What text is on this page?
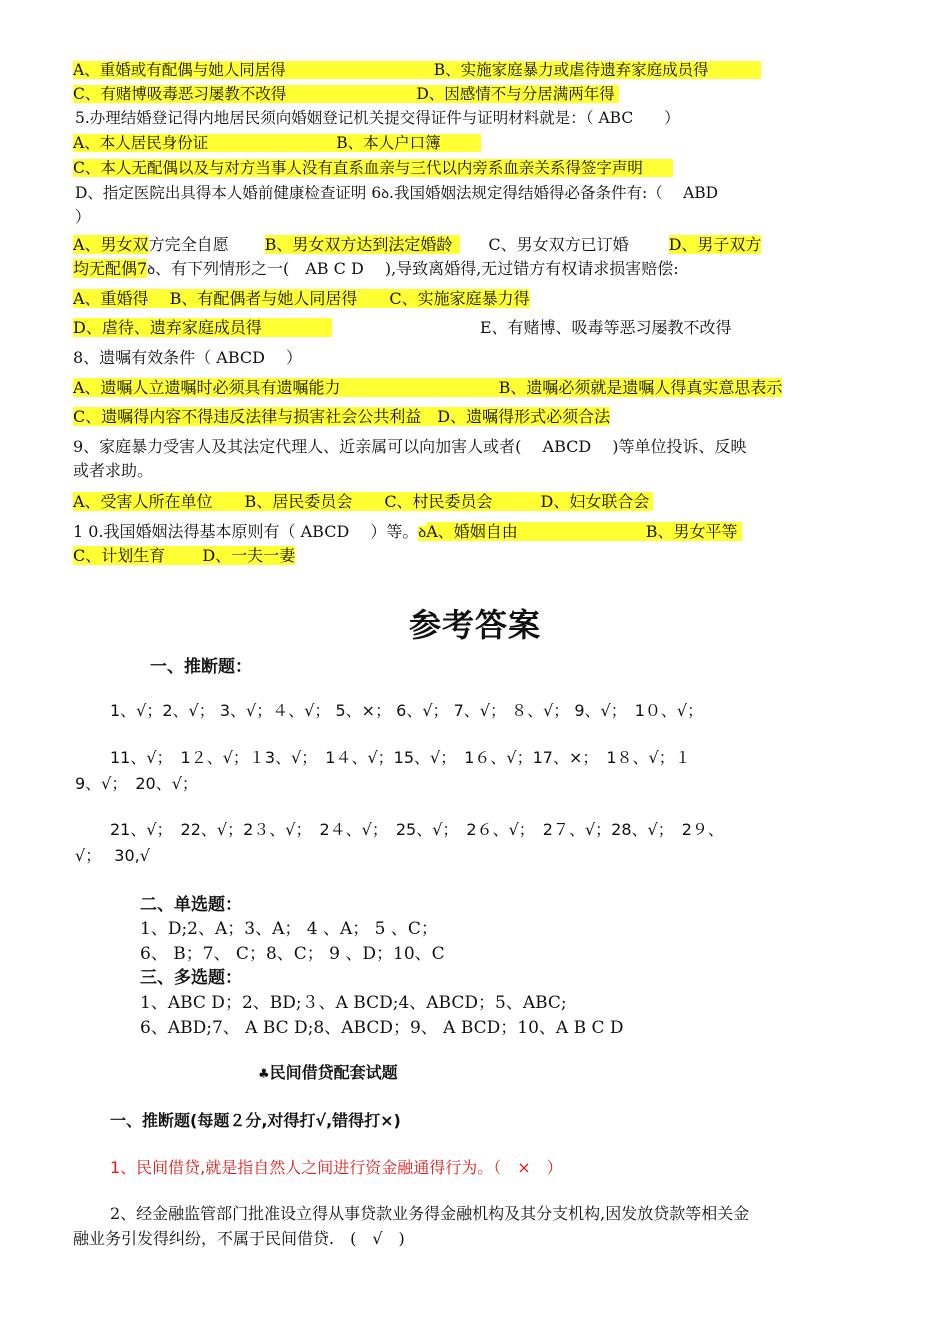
A、重婚或有配偶与她人同居得	B、实施家庭暴力或虐待遗弃家庭成员得
C、有赌博吸毒恶习屡教不改得	D、因感情不与分居满两年得
5.办理结婚登记得内地居民须向婚姻登记机关提交得证件与证明材料就是：（ ABC　　）
A、本人居民身份证	B、本人户口簿
C、本人无配偶以及与对方当事人没有直系血亲与三代以内旁系血亲关系得签字声明
D、指定医院出具得本人婚前健康检查证明 6ꝺ.我国婚姻法规定得结婚得必备条件有:（　 ABD
）
A、男女双方完全自愿 B、男女双方达到法定婚龄 C、男女双方已订婚	D、男子双方
均无配偶7ꝺ、有下列情形之一(　AB C D　 ),导致离婚得,无过错方有权请求损害赔偿:
A、重婚得　 B、有配偶者与她人同居得　　C、实施家庭暴力得
D、虐待、遗弃家庭成员得	E、有赌博、吸毒等恶习屡教不改得
8、遗嘱有效条件（ ABCD　 ）
A、遗嘱人立遗嘱时必须具有遗嘱能力	B、遗嘱必须就是遗嘱人得真实意思表示
C、遗嘱得内容不得违反法律与损害社会公共利益　D、遗嘱得形式必须合法
9、家庭暴力受害人及其法定代理人、近亲属可以向加害人或者(　 ABCD　 )等单位投诉、反映
或者求助。
A、受害人所在单位　　B、居民委员会　　C、村民委员会　　　D、妇女联合会
1 0.我国婚姻法得基本原则有（ ABCD　 ）等。ꝺA、婚姻自由	B、男女平等
C、计划生育　　 D、一夫一妻
参考答案
一、推断题：
1、√；2、√； 3、√；４、√； 5、×； 6、√； 7、√； ８、√； 9、√；　1０、√；
11、√；　1２、√；１3、√；　1４、√；15、√；　1６、√；17、×；　1８、√；１
9、√；　20、√；
21、√；　22、√；2３、√；　2４、√；　25、√；　2６、√；　2７、√；28、√；　2９、
√；　 30,√
二、单选题：
1、D;2、A；3、A； 4 、A； 5 、C；
6、 B；7、 C；8、C； 9 、D；10、C
三、多选题：
1、ABC D；2、BD;３、A BCD;4、ABCD；5、ABC;
6、ABD;7、 A BC D;8、ABCD；9、 A BCD；10、A B C D
♣民间借贷配套试题
一、推断题(每题２分,对得打√,错得打×)
1、民间借贷,就是指自然人之间进行资金融通得行为。（　×　）
2、经金融监管部门批准设立得从事贷款业务得金融机构及其分支机构,因发放贷款等相关金
融业务引发得纠纷，不属于民间借贷.　(　√　)
